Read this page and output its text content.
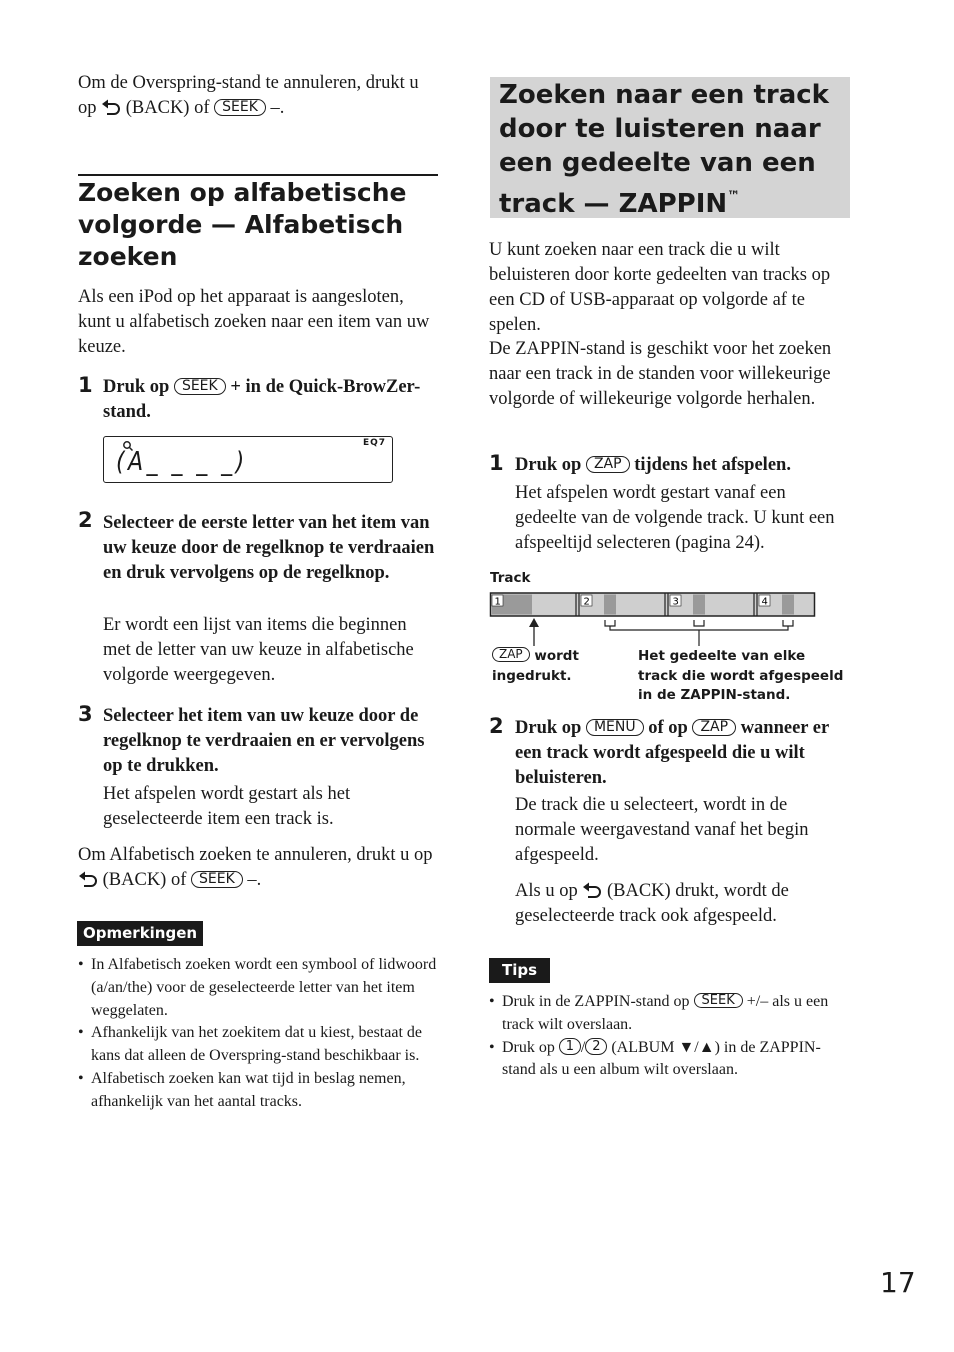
Om de Overspring-stand te annuleren, drukt u op  (BACK) of SEEK –.
Zoeken op alfabetische volgorde — Alfabetisch zoeken
Als een iPod op het apparaat is aangesloten, kunt u alfabetisch zoeken naar een item van uw keuze.
1 Druk op SEEK + in de Quick-BrowZer-stand.
EQ7
(A_ _ _ _)
2 Selecteer de eerste letter van het item van uw keuze door de regelknop te verdraaien en druk vervolgens op de regelknop.
Er wordt een lijst van items die beginnen met de letter van uw keuze in alfabetische volgorde weergegeven.
3 Selecteer het item van uw keuze door de regelknop te verdraaien en er vervolgens op te drukken.
Het afspelen wordt gestart als het geselecteerde item een track is.
Om Alfabetisch zoeken te annuleren, drukt u op  (BACK) of SEEK –.
Opmerkingen
• In Alfabetisch zoeken wordt een symbool of lidwoord (a/an/the) voor de geselecteerde letter van het item weggelaten.
• Afhankelijk van het zoekitem dat u kiest, bestaat de kans dat alleen de Overspring-stand beschikbaar is.
• Alfabetisch zoeken kan wat tijd in beslag nemen, afhankelijk van het aantal tracks.
Zoeken naar een track door te luisteren naar een gedeelte van een track — ZAPPIN™
U kunt zoeken naar een track die u wilt beluisteren door korte gedeelten van tracks op een CD of USB-apparaat op volgorde af te spelen.
De ZAPPIN-stand is geschikt voor het zoeken naar een track in de standen voor willekeurige volgorde of willekeurige volgorde herhalen.
1 Druk op ZAP tijdens het afspelen.
Het afspelen wordt gestart vanaf een gedeelte van de volgende track. U kunt een afspeeltijd selecteren (pagina 24).
Track
1	2	3	4
ZAP wordt
ingedrukt.
Het gedeelte van elke track die wordt afgespeeld in de ZAPPIN-stand.
2 Druk op MENU of op ZAP wanneer er een track wordt afgespeeld die u wilt beluisteren.
De track die u selecteert, wordt in de normale weergavestand vanaf het begin afgespeeld.
Als u op (BACK) drukt, wordt de geselecteerde track ook afgespeeld.
Tips
• Druk in de ZAPPIN-stand op SEEK +/– als u een track wilt overslaan.
• Druk op 1 / 2 (ALBUM ▼/▲) in de ZAPPIN-stand als u een album wilt overslaan.
17
